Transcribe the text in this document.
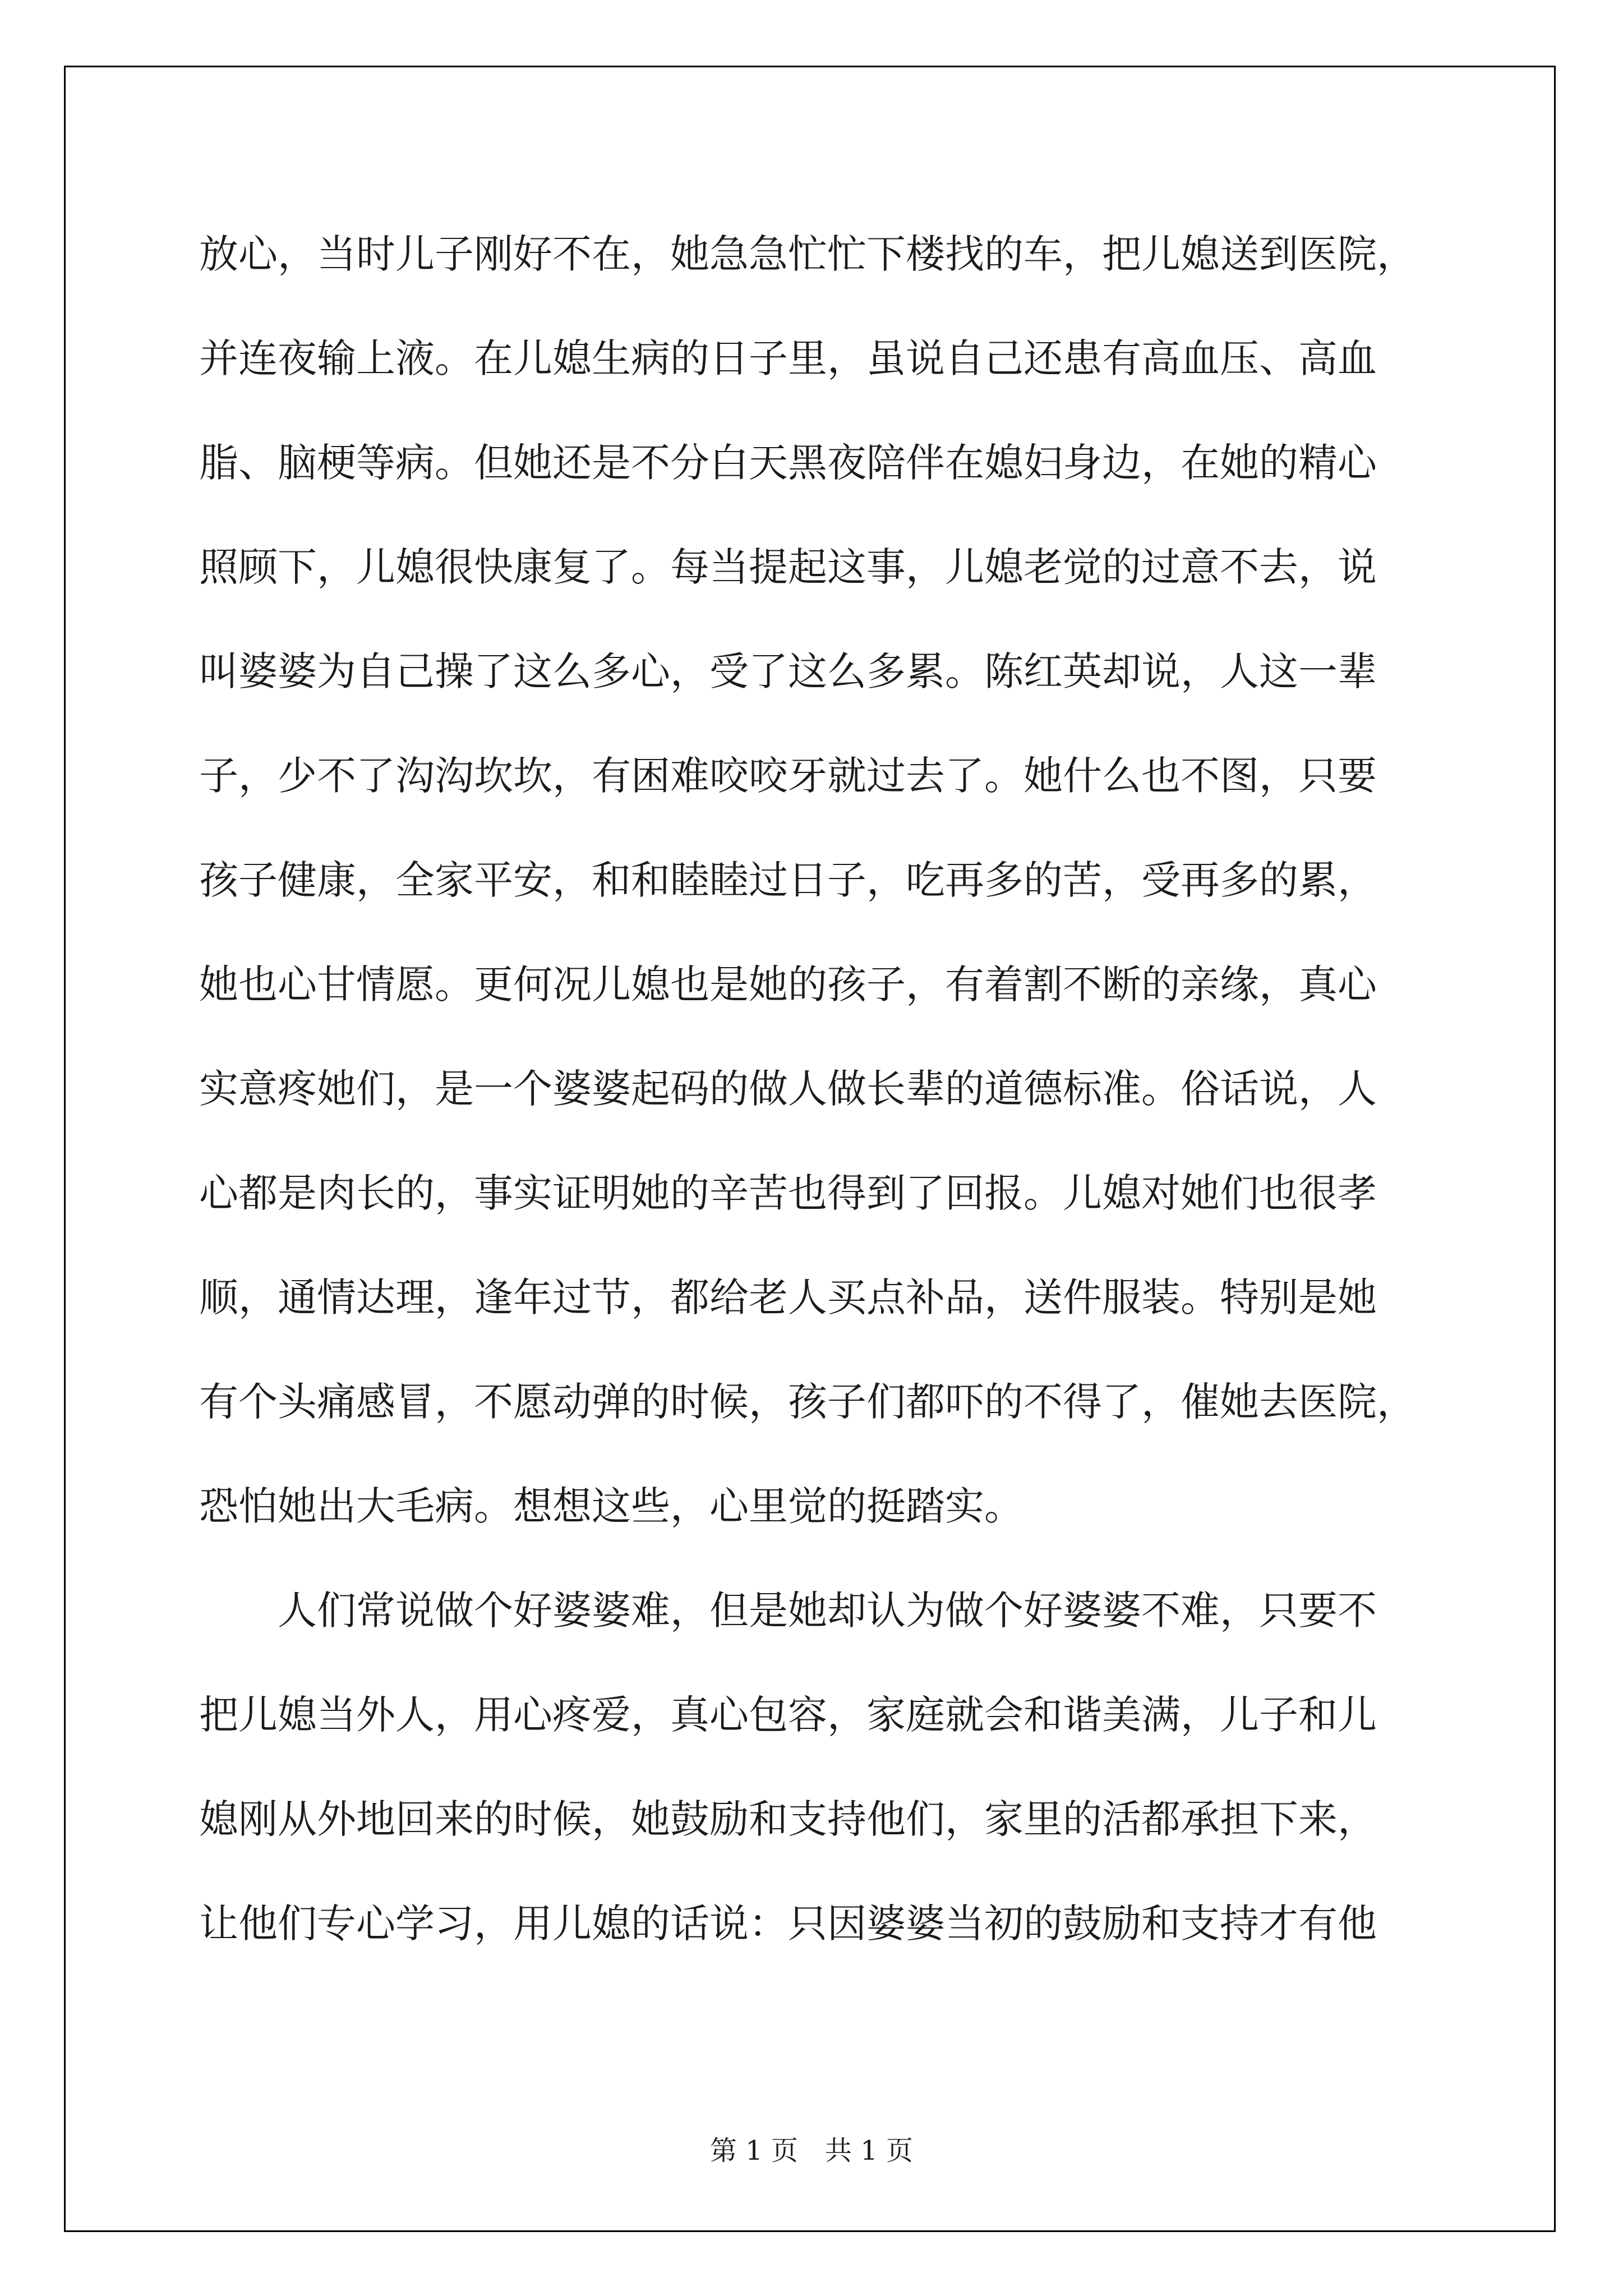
放心，当时儿子刚好不在，她急急忙忙下楼找的车，把儿媳送到医院，
并连夜输上液。在儿媳生病的日子里，虽说自己还患有高血压、高血
脂、脑梗等病。但她还是不分白天黑夜陪伴在媳妇身边，在她的精心
照顾下，儿媳很快康复了。每当提起这事，儿媳老觉的过意不去，说
叫婆婆为自己操了这么多心，受了这么多累。陈红英却说，人这一辈
子，少不了沟沟坎坎，有困难咬咬牙就过去了。她什么也不图，只要
孩子健康，全家平安，和和睦睦过日子，吃再多的苦，受再多的累，
她也心甘情愿。更何况儿媳也是她的孩子，有着割不断的亲缘，真心
实意疼她们，是一个婆婆起码的做人做长辈的道德标准。俗话说，人
心都是肉长的，事实证明她的辛苦也得到了回报。儿媳对她们也很孝
顺，通情达理，逢年过节，都给老人买点补品，送件服装。特别是她
有个头痛感冒，不愿动弹的时候，孩子们都吓的不得了，催她去医院，
恐怕她出大毛病。想想这些，心里觉的挺踏实。
人们常说做个好婆婆难，但是她却认为做个好婆婆不难，只要不
把儿媳当外人，用心疼爱，真心包容，家庭就会和谐美满，儿子和儿
媳刚从外地回来的时候，她鼓励和支持他们，家里的活都承担下来，
让他们专心学习，用儿媳的话说：只因婆婆当初的鼓励和支持才有他
第 1 页　共 1 页
